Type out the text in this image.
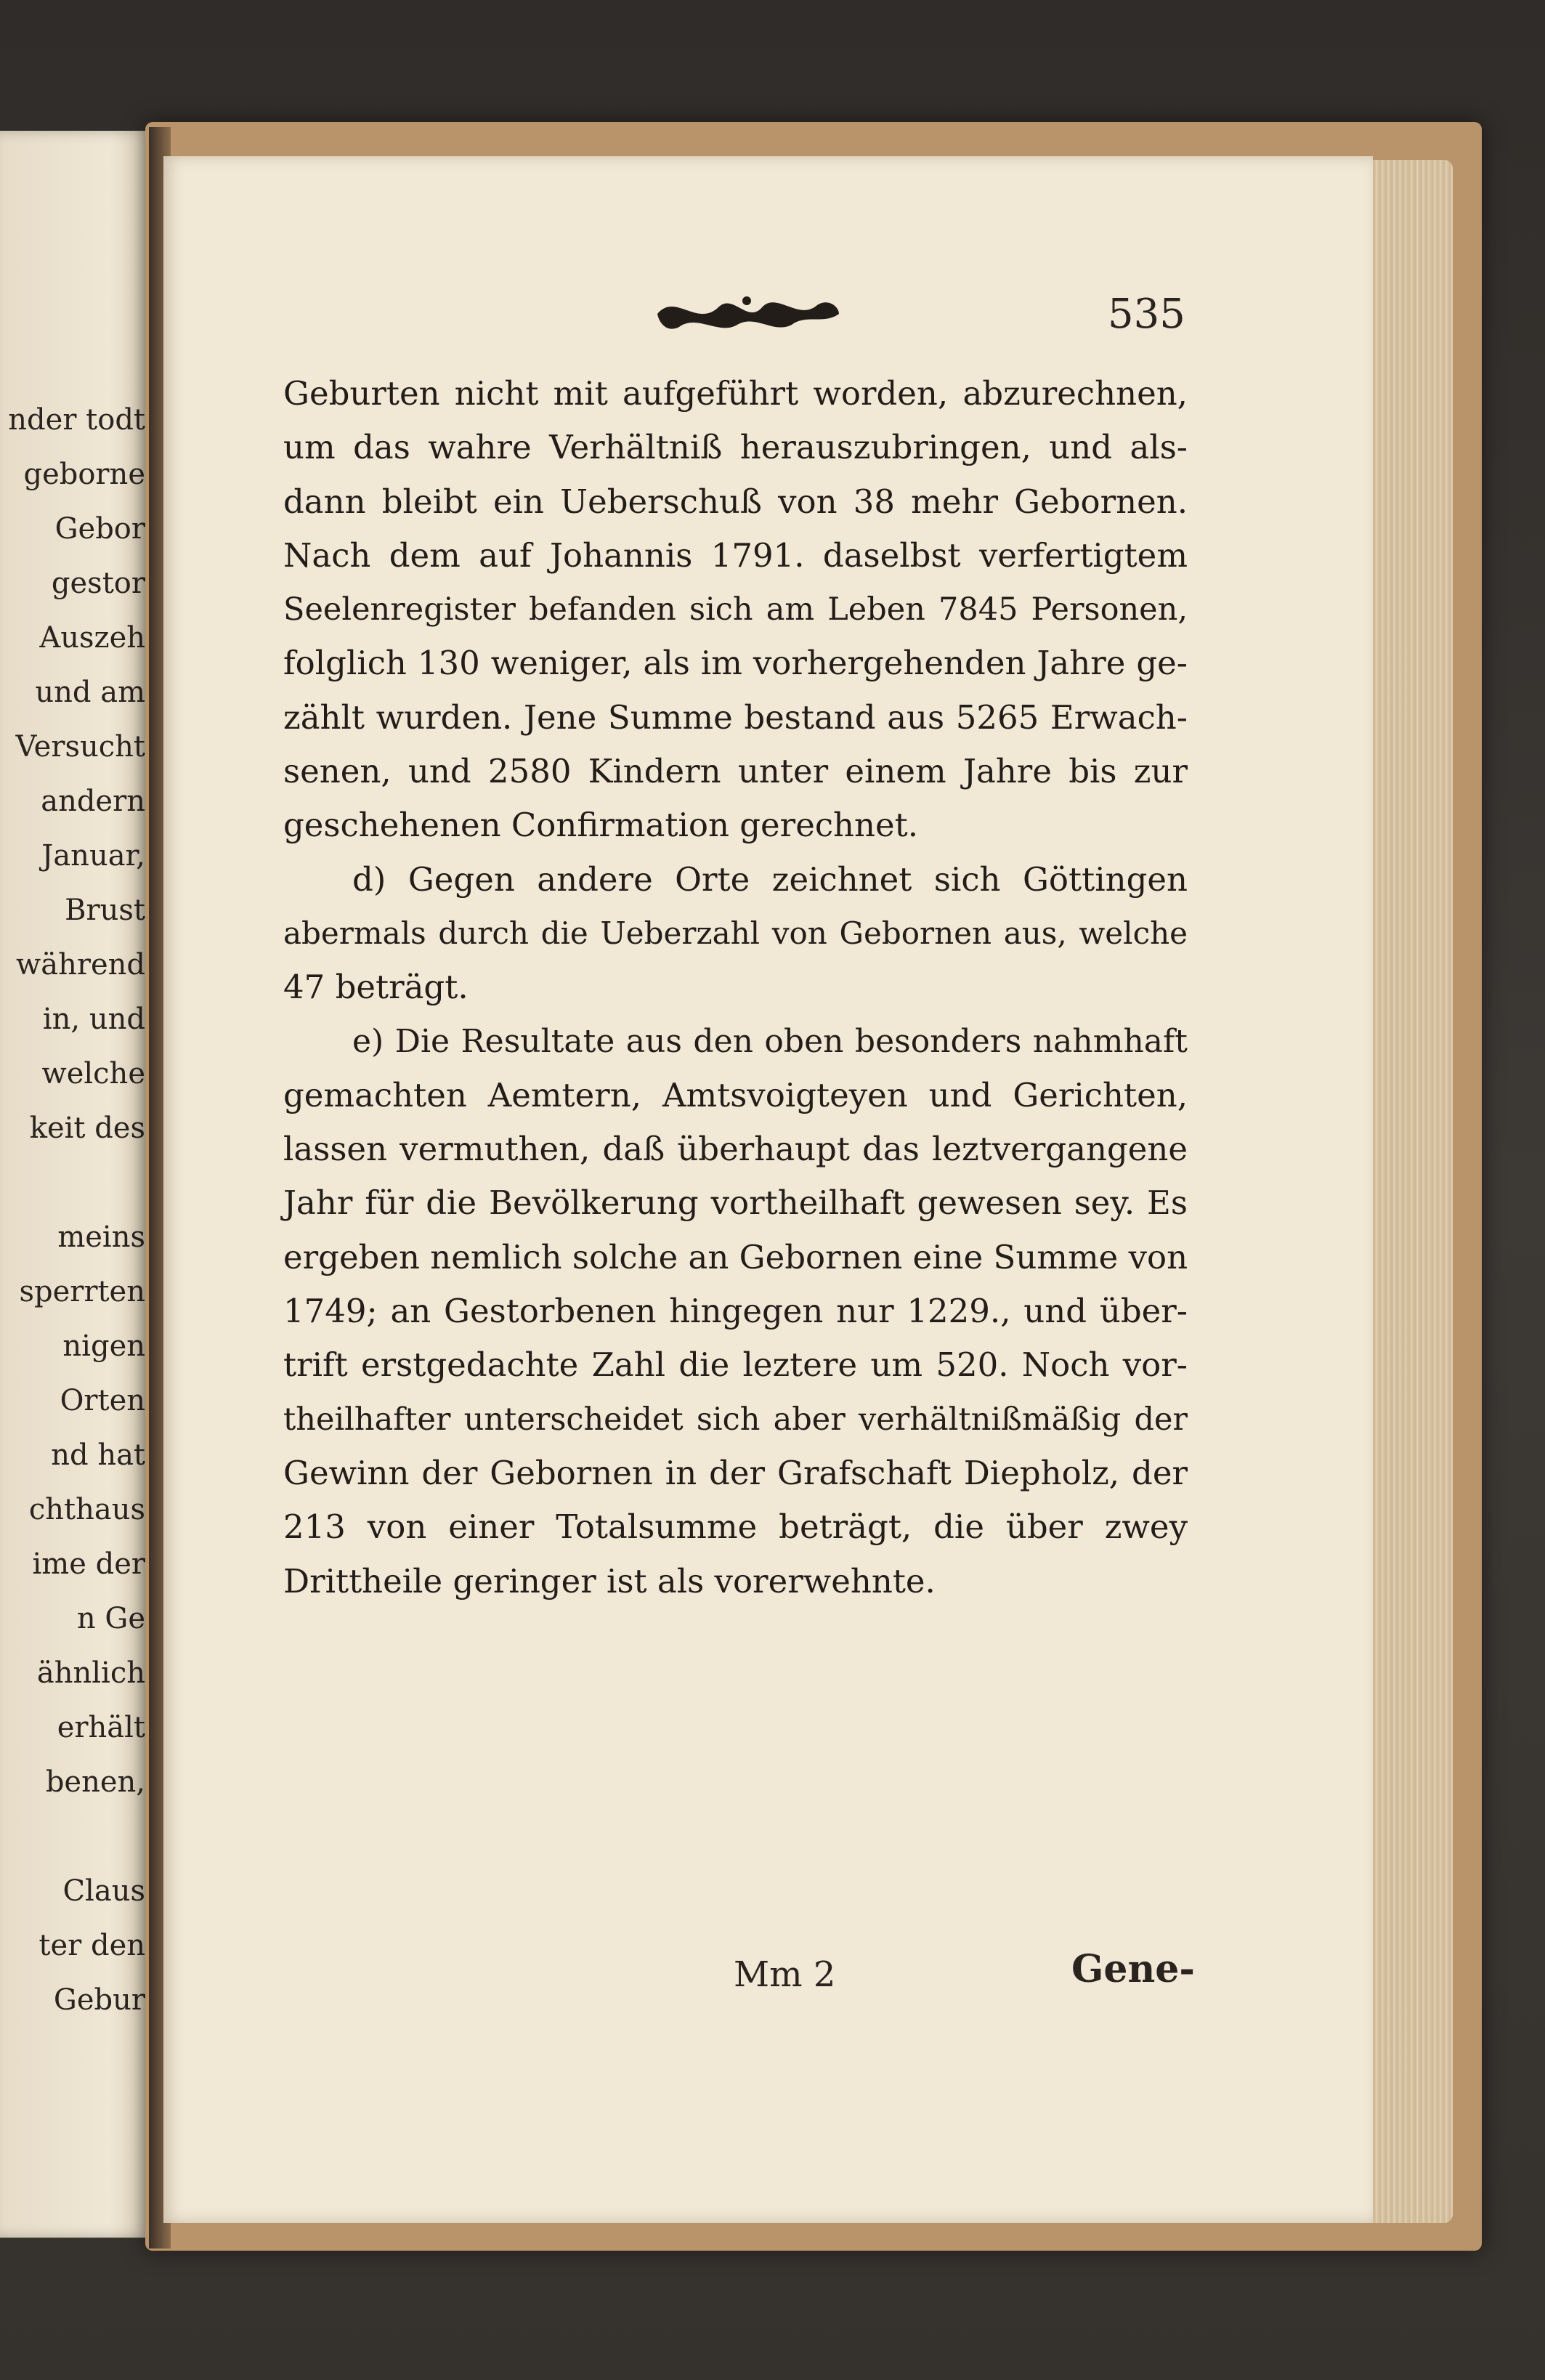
nder todt
geborne
Gebor
gestor
Auszeh
und am
Versucht
andern
Januar,
Brust
während
in, und
welche
keit des
meins
sperrten
nigen
Orten
nd hat
chthaus
ime der
n Ge
ähnlich
erhält
benen,
Claus
ter den
Gebur
535
Geburten nicht mit aufgeführt worden, abzurechnen,
um das wahre Verhältniß herauszubringen, und als‑
dann bleibt ein Ueberschuß von 38 mehr Gebornen.
Nach dem auf Johannis 1791. daselbst verfertigtem
Seelenregister befanden sich am Leben 7845 Personen,
folglich 130 weniger, als im vorhergehenden Jahre ge‑
zählt wurden. Jene Summe bestand aus 5265 Erwach‑
senen, und 2580 Kindern unter einem Jahre bis zur
geschehenen Confirmation gerechnet.
d) Gegen andere Orte zeichnet sich Göttingen
abermals durch die Ueberzahl von Gebornen aus, welche
47 beträgt.
e) Die Resultate aus den oben besonders nahmhaft
gemachten Aemtern, Amtsvoigteyen und Gerichten,
lassen vermuthen, daß überhaupt das leztvergangene
Jahr für die Bevölkerung vortheilhaft gewesen sey. Es
ergeben nemlich solche an Gebornen eine Summe von
1749; an Gestorbenen hingegen nur 1229., und über‑
trift erstgedachte Zahl die leztere um 520. Noch vor‑
theilhafter unterscheidet sich aber verhältnißmäßig der
Gewinn der Gebornen in der Grafschaft Diepholz, der
213 von einer Totalsumme beträgt, die über zwey
Drittheile geringer ist als vorerwehnte.
Mm 2	Gene‑
